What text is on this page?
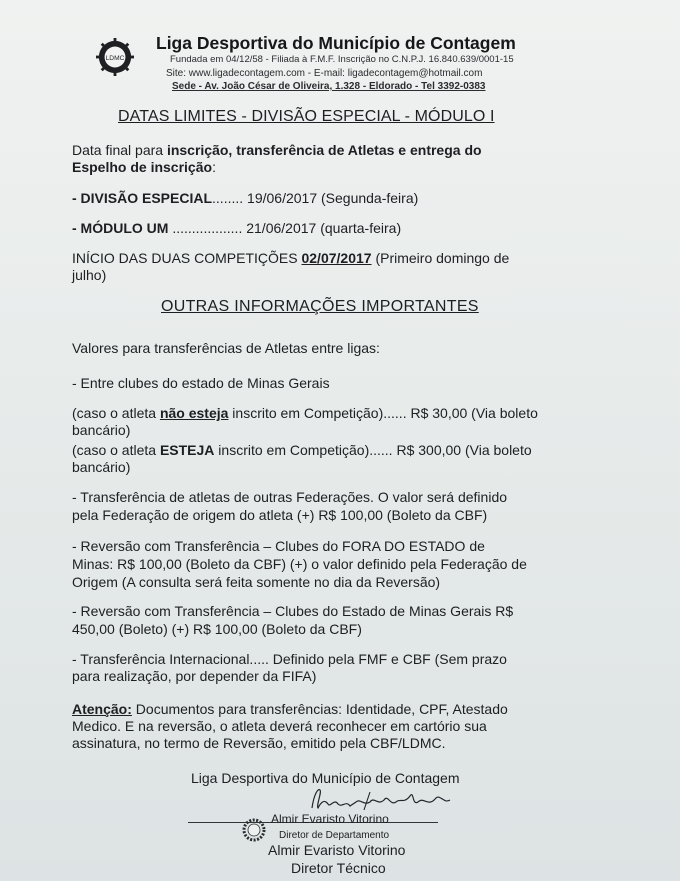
LDMC
Liga Desportiva do Município de Contagem
Fundada em 04/12/58 - Filiada à F.M.F. Inscrição no C.N.P.J. 16.840.639/0001-15
Site: www.ligadecontagem.com - E-mail: ligadecontagem@hotmail.com
Sede - Av. João César de Oliveira, 1.328 - Eldorado - Tel 3392-0383
DATAS LIMITES - DIVISÃO ESPECIAL - MÓDULO I
Data final para inscrição, transferência de Atletas e entrega do
Espelho de inscrição:
- DIVISÃO ESPECIAL........ 19/06/2017 (Segunda-feira)
- MÓDULO UM .................. 21/06/2017 (quarta-feira)
INÍCIO DAS DUAS COMPETIÇÕES 02/07/2017 (Primeiro domingo de
julho)
OUTRAS INFORMAÇÕES IMPORTANTES
Valores para transferências de Atletas entre ligas:
- Entre clubes do estado de Minas Gerais
(caso o atleta não esteja inscrito em Competição)...... R$ 30,00 (Via boleto
bancário)
(caso o atleta ESTEJA inscrito em Competição)...... R$ 300,00 (Via boleto
bancário)
- Transferência de atletas de outras Federações. O valor será definido
pela Federação de origem do atleta (+) R$ 100,00 (Boleto da CBF)
- Reversão com Transferência – Clubes do FORA DO ESTADO de
Minas: R$ 100,00 (Boleto da CBF) (+) o valor definido pela Federação de
Origem (A consulta será feita somente no dia da Reversão)
- Reversão com Transferência – Clubes do Estado de Minas Gerais R$
450,00 (Boleto) (+) R$ 100,00 (Boleto da CBF)
- Transferência Internacional..... Definido pela FMF e CBF (Sem prazo
para realização, por depender da FIFA)
Atenção: Documentos para transferências: Identidade, CPF, Atestado
Medico. E na reversão, o atleta deverá reconhecer em cartório sua
assinatura, no termo de Reversão, emitido pela CBF/LDMC.
Liga Desportiva do Município de Contagem
Almir Evaristo Vitorino
Diretor de Departamento
Almir Evaristo Vitorino
Diretor Técnico
